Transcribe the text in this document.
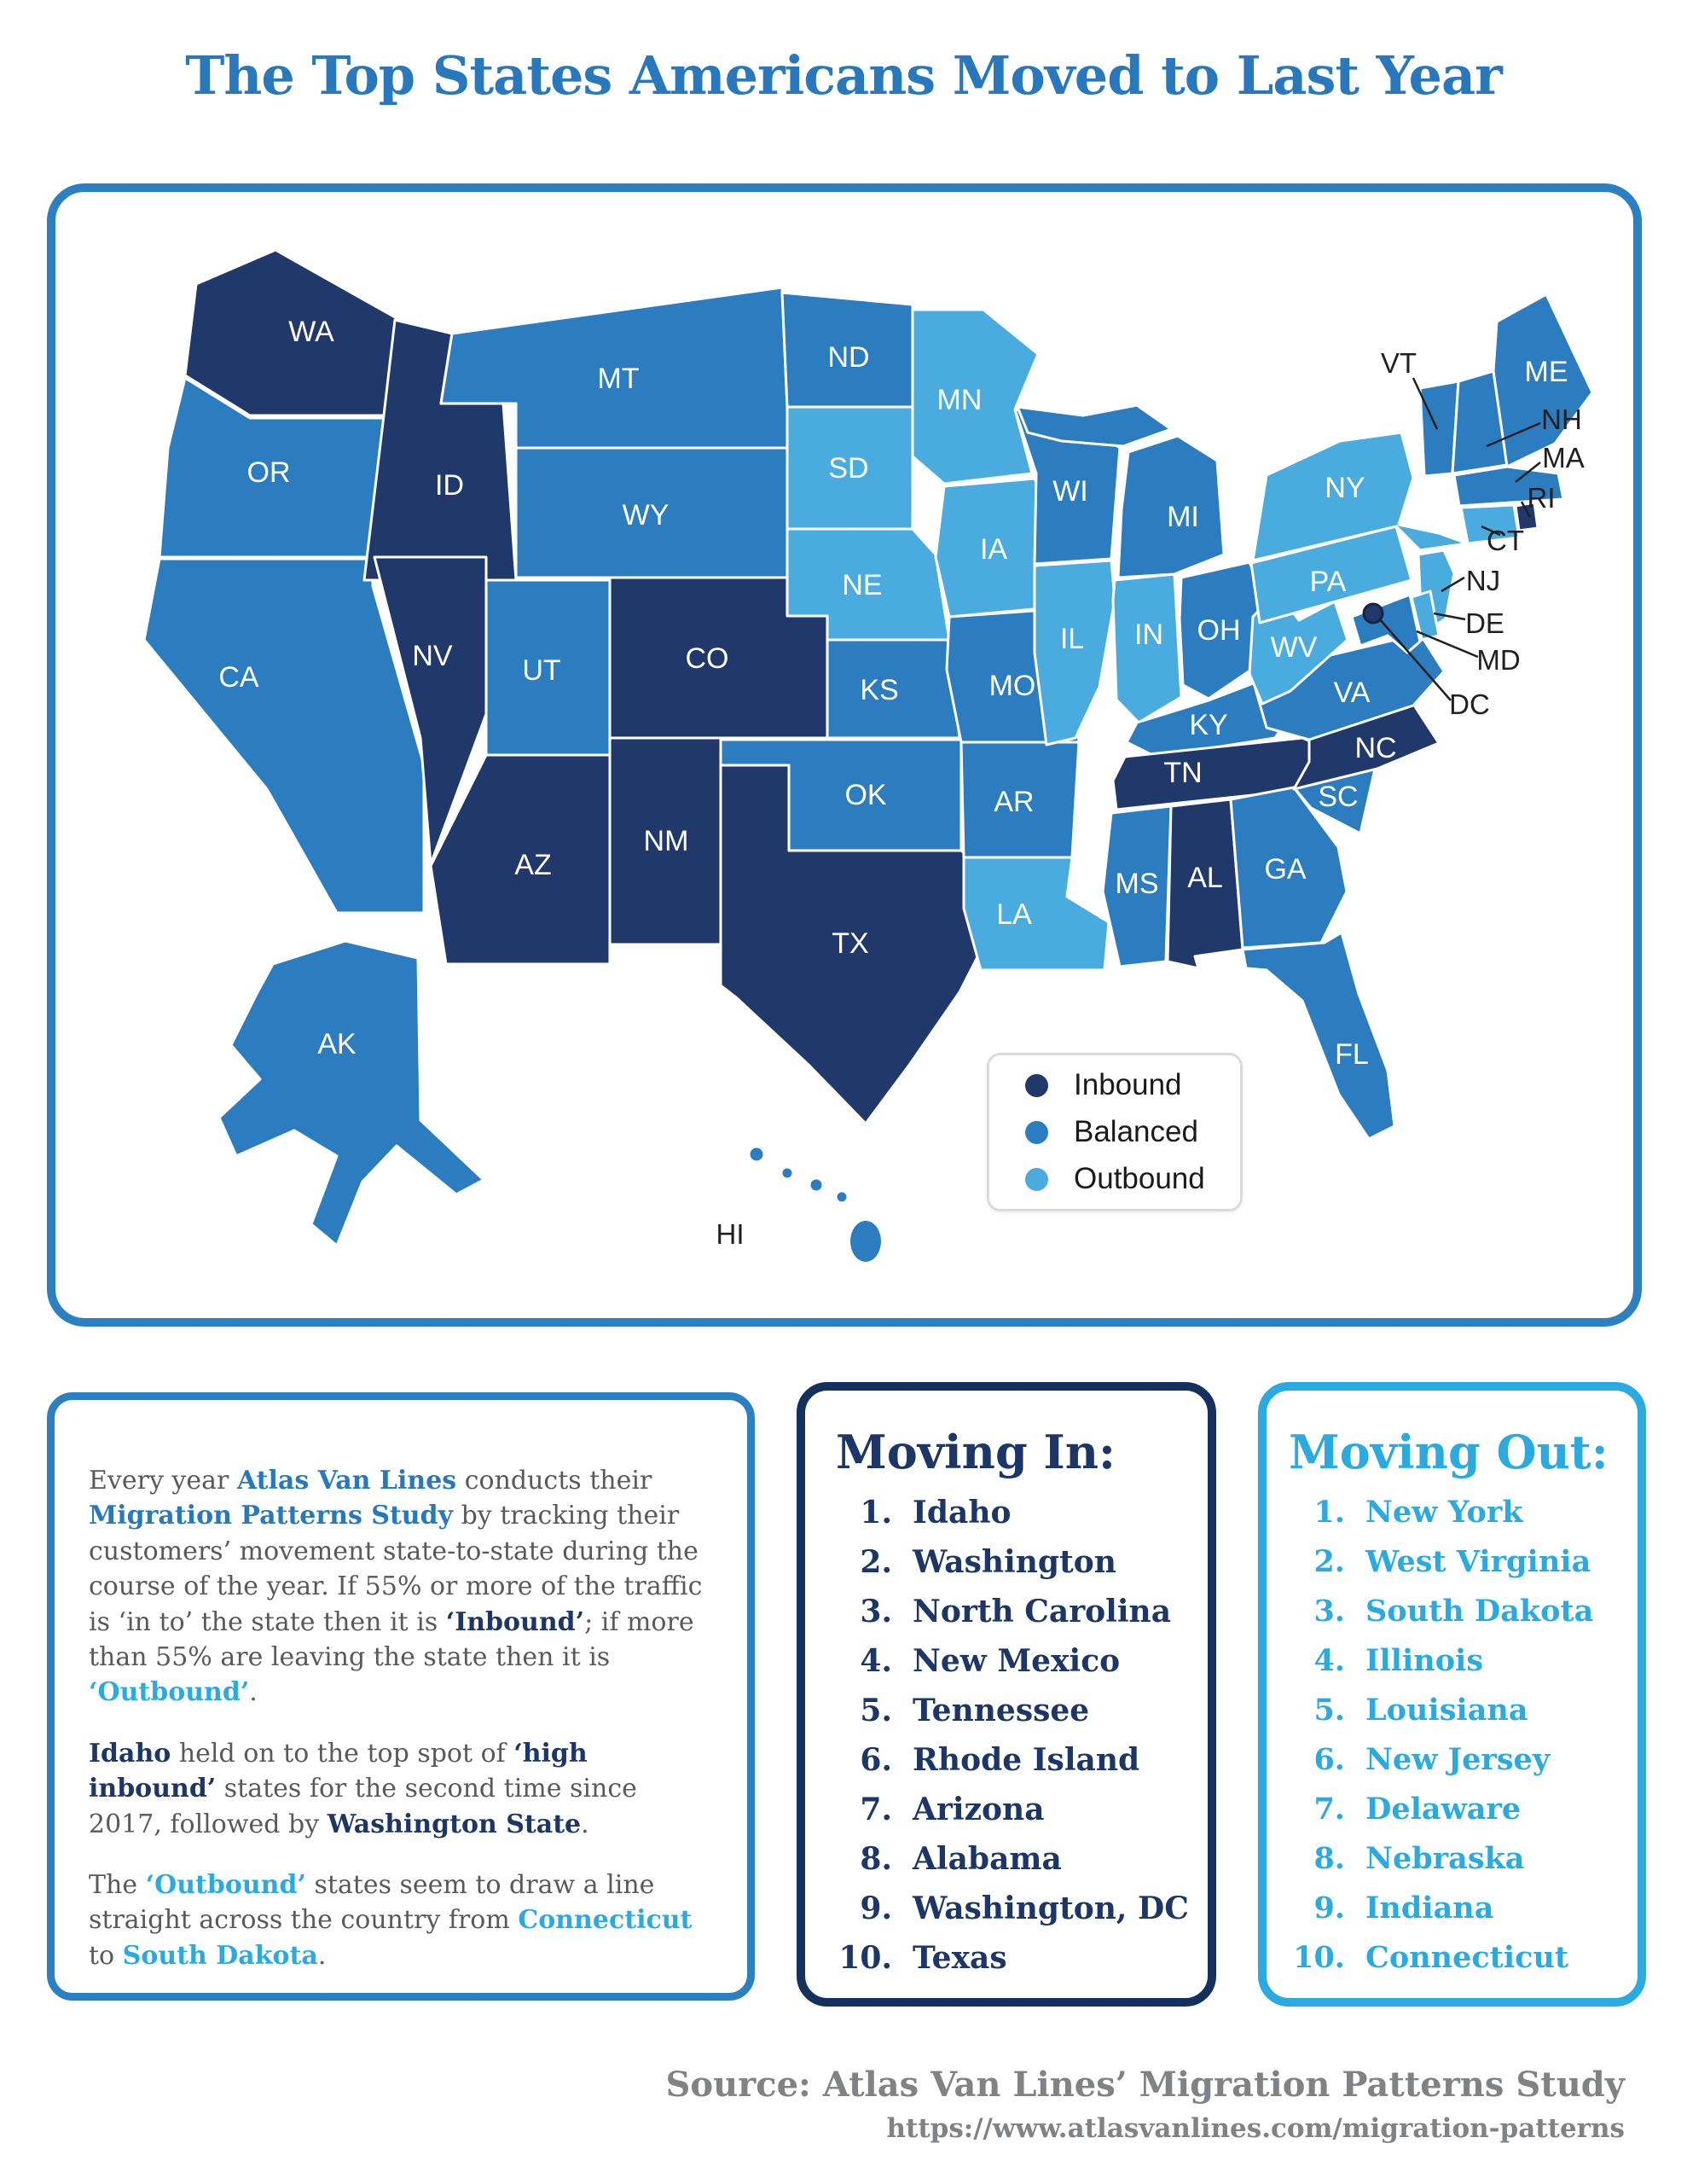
The Top States Americans Moved to Last Year
WA
OR
CA
ID
NV
MT
WY
UT	CO
AZ
NM
ND
SD
NE
KS
OK
TX
MN
IA
MO
AR
LA
WI
IL IN
MI
OH
KY
TN
MS AL GA
SC
NC
VA
WV
FL
PA
NY
ME
AK
VT
NH
MA
RI
CT
NJ
DE
MD
DC
HI
Inbound
Balanced
Outbound

Every year Atlas Van Lines conducts their Migration Patterns Study by tracking their customers’ movement state-to-state during the course of the year. If 55% or more of the traffic is ‘in to’ the state then it is ‘Inbound’; if more than 55% are leaving the state then it is ‘Outbound’.

Idaho held on to the top spot of ‘high inbound’ states for the second time since 2017, followed by Washington State.

The ‘Outbound’ states seem to draw a line straight across the country from Connecticut to South Dakota.

Moving In:
1. Idaho
2. Washington
3. North Carolina
4. New Mexico
5. Tennessee
6. Rhode Island
7. Arizona
8. Alabama
9. Washington, DC
10. Texas
Moving Out:
1. New York
2. West Virginia
3. South Dakota
4. Illinois
5. Louisiana
6. New Jersey
7. Delaware
8. Nebraska
9. Indiana
10. Connecticut
Source: Atlas Van Lines’ Migration Patterns Study
https://www.atlasvanlines.com/migration-patterns
